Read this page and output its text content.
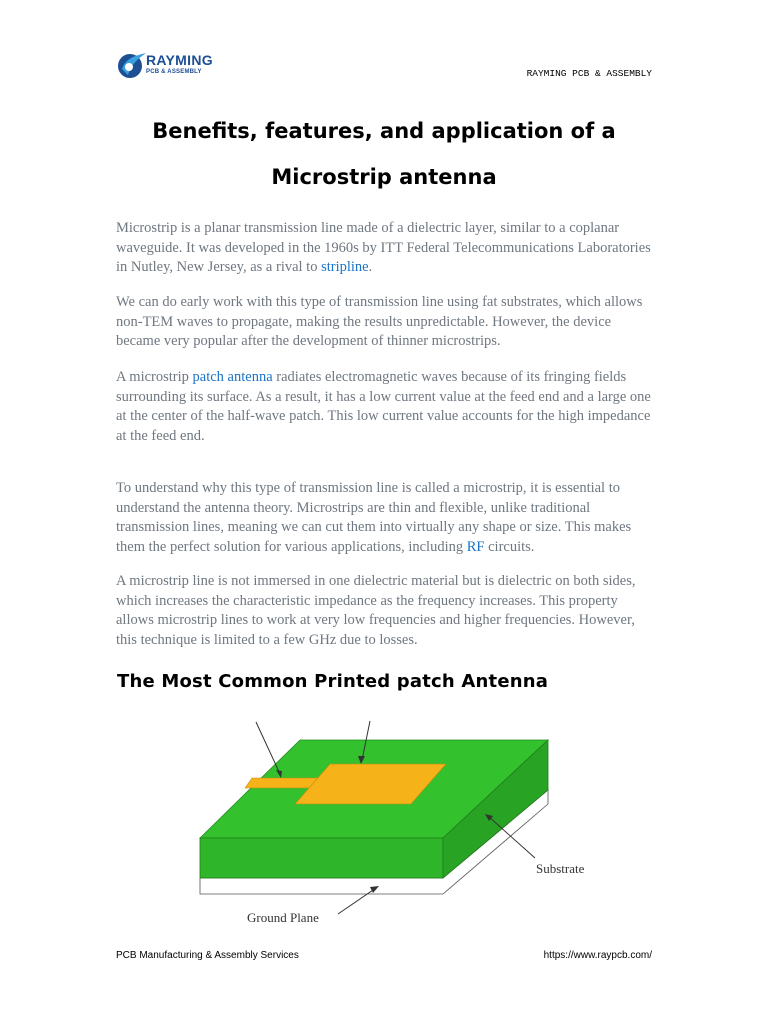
RAYMING
PCB & ASSEMBLY	RAYMING PCB & ASSEMBLY
Benefits, features, and application of a
Microstrip antenna

Microstrip is a planar transmission line made of a dielectric layer, similar to a coplanar waveguide. It was developed in the 1960s by ITT Federal Telecommunications Laboratories in Nutley, New Jersey, as a rival to stripline.

We can do early work with this type of transmission line using fat substrates, which allows non-TEM waves to propagate, making the results unpredictable. However, the device became very popular after the development of thinner microstrips.

A microstrip patch antenna radiates electromagnetic waves because of its fringing fields surrounding its surface. As a result, it has a low current value at the feed end and a large one at the center of the half-wave patch. This low current value accounts for the high impedance at the feed end.

To understand why this type of transmission line is called a microstrip, it is essential to understand the antenna theory. Microstrips are thin and flexible, unlike traditional transmission lines, meaning we can cut them into virtually any shape or size. This makes them the perfect solution for various applications, including RF circuits.

A microstrip line is not immersed in one dielectric material but is dielectric on both sides, which increases the characteristic impedance as the frequency increases. This property allows microstrip lines to work at very low frequencies and higher frequencies. However, this technique is limited to a few GHz due to losses.

The Most Common Printed patch Antenna
Substrate
Ground Plane
PCB Manufacturing & Assembly Services	https://www.raypcb.com/
